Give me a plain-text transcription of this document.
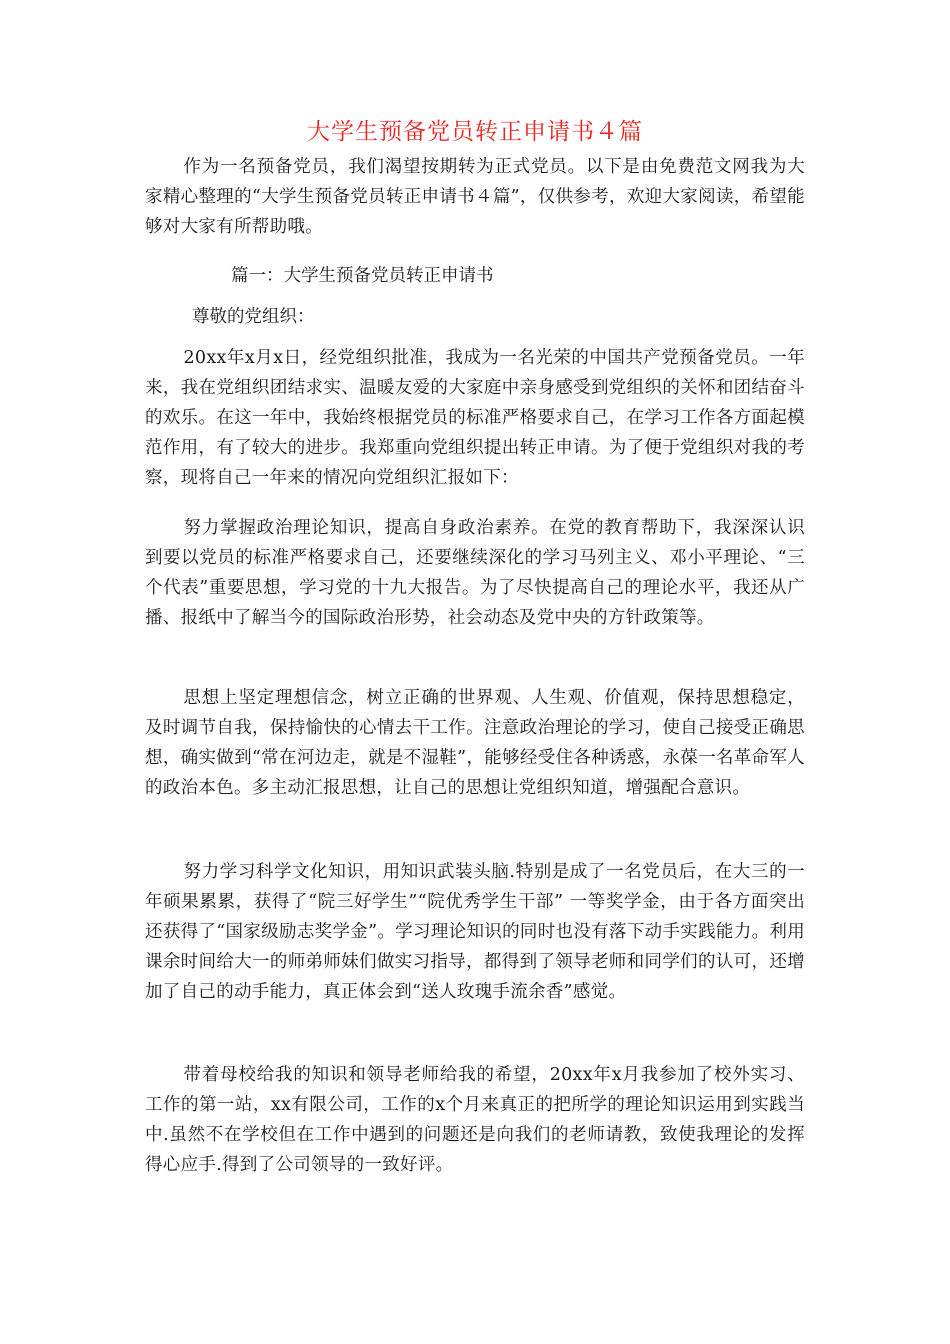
大学生预备党员转正申请书４篇

作为一名预备党员，我们渴望按期转为正式党员。以下是由免费范文网我为大家精心整理的“大学生预备党员转正申请书４篇”，仅供参考，欢迎大家阅读，希望能够对大家有所帮助哦。

篇一：大学生预备党员转正申请书
尊敬的党组织：

20xx年x月x日，经党组织批准，我成为一名光荣的中国共产党预备党员。一年来，我在党组织团结求实、温暖友爱的大家庭中亲身感受到党组织的关怀和团结奋斗的欢乐。在这一年中，我始终根据党员的标准严格要求自己，在学习工作各方面起模范作用，有了较大的进步。我郑重向党组织提出转正申请。为了便于党组织对我的考察，现将自己一年来的情况向党组织汇报如下：

努力掌握政治理论知识，提高自身政治素养。在党的教育帮助下，我深深认识到要以党员的标准严格要求自己，还要继续深化的学习马列主义、邓小平理论、“三个代表”重要思想，学习党的十九大报告。为了尽快提高自己的理论水平，我还从广播、报纸中了解当今的国际政治形势，社会动态及党中央的方针政策等。

思想上坚定理想信念，树立正确的世界观、人生观、价值观，保持思想稳定，及时调节自我，保持愉快的心情去干工作。注意政治理论的学习，使自己接受正确思想，确实做到“常在河边走，就是不湿鞋”，能够经受住各种诱惑，永葆一名革命军人的政治本色。多主动汇报思想，让自己的思想让党组织知道，增强配合意识。

努力学习科学文化知识，用知识武装头脑.特别是成了一名党员后，在大三的一年硕果累累，获得了“院三好学生”“院优秀学生干部” 一等奖学金，由于各方面突出还获得了“国家级励志奖学金”。学习理论知识的同时也没有落下动手实践能力。利用课余时间给大一的师弟师妹们做实习指导，都得到了领导老师和同学们的认可，还增加了自己的动手能力，真正体会到“送人玫瑰手流余香”感觉。

带着母校给我的知识和领导老师给我的希望，20xx年x月我参加了校外实习、工作的第一站，xx有限公司，工作的x个月来真正的把所学的理论知识运用到实践当中.虽然不在学校但在工作中遇到的问题还是向我们的老师请教，致使我理论的发挥得心应手.得到了公司领导的一致好评。
